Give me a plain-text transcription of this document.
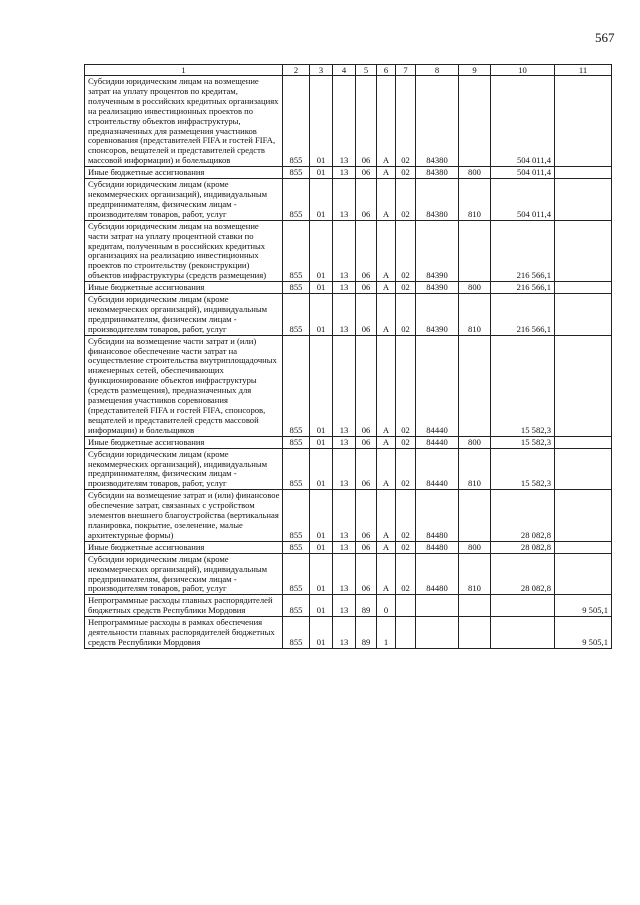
567
1	2	3	4	5	6	7	8	9	10	11
Субсидии юридическим лицам на возмещение затрат на уплату процентов по кредитам, полученным в российских кредитных организациях на реализацию инвестиционных проектов по строительству объектов инфраструктуры, предназначенных для размещения участников соревнования (представителей FIFA и гостей FIFA, спонсоров, вещателей и представителей средств массовой информации) и болельщиков	855	01	13	06	А	02	84380		504 011,4	
Иные бюджетные ассигнования	855	01	13	06	А	02	84380	800	504 011,4	
Субсидии юридическим лицам (кроме некоммерческих организаций), индивидуальным предпринимателям, физическим лицам - производителям товаров, работ, услуг	855	01	13	06	А	02	84380	810	504 011,4	
Субсидии юридическим лицам на возмещение части затрат на уплату процентной ставки по кредитам, полученным в российских кредитных организациях на реализацию инвестиционных проектов по строительству (реконструкции) объектов инфраструктуры (средств размещения)	855	01	13	06	А	02	84390		216 566,1	
Иные бюджетные ассигнования	855	01	13	06	А	02	84390	800	216 566,1	
Субсидии юридическим лицам (кроме некоммерческих организаций), индивидуальным предпринимателям, физическим лицам - производителям товаров, работ, услуг	855	01	13	06	А	02	84390	810	216 566,1	
Субсидии на возмещение части затрат и (или) финансовое обеспечение части затрат на осуществление строительства внутриплощадочных инженерных сетей, обеспечивающих функционирование объектов инфраструктуры (средств размещения), предназначенных для размещения участников соревнования (представителей FIFA и гостей FIFA, спонсоров, вещателей и представителей средств массовой информации) и болельщиков	855	01	13	06	А	02	84440		15 582,3	
Иные бюджетные ассигнования	855	01	13	06	А	02	84440	800	15 582,3	
Субсидии юридическим лицам (кроме некоммерческих организаций), индивидуальным предпринимателям, физическим лицам - производителям товаров, работ, услуг	855	01	13	06	А	02	84440	810	15 582,3	
Субсидии на возмещение затрат и (или) финансовое обеспечение затрат, связанных с устройством элементов внешнего благоустройства (вертикальная планировка, покрытие, озеленение, малые архитектурные формы)	855	01	13	06	А	02	84480		28 082,8	
Иные бюджетные ассигнования	855	01	13	06	А	02	84480	800	28 082,8	
Субсидии юридическим лицам (кроме некоммерческих организаций), индивидуальным предпринимателям, физическим лицам - производителям товаров, работ, услуг	855	01	13	06	А	02	84480	810	28 082,8	
Непрограммные расходы главных распорядителей бюджетных средств Республики Мордовия	855	01	13	89	0					9 505,1
Непрограммные расходы в рамках обеспечения деятельности главных распорядителей бюджетных средств Республики Мордовия	855	01	13	89	1					9 505,1
